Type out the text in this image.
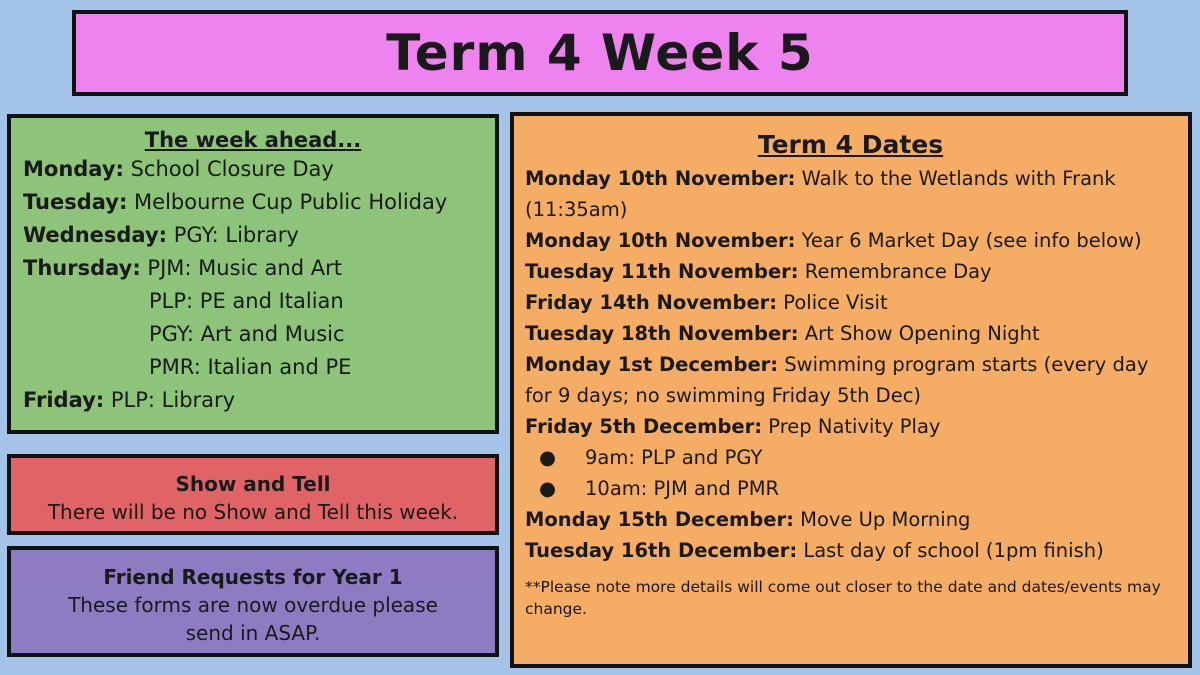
Term 4 Week 5
The week ahead...
Monday: School Closure Day
Tuesday: Melbourne Cup Public Holiday
Wednesday: PGY: Library
Thursday: PJM: Music and Art
PLP: PE and Italian
PGY: Art and Music
PMR: Italian and PE
Friday: PLP: Library
Show and Tell
There will be no Show and Tell this week.
Friend Requests for Year 1
These forms are now overdue please send in ASAP.
Term 4 Dates
Monday 10th November: Walk to the Wetlands with Frank (11:35am)
Monday 10th November: Year 6 Market Day (see info below)
Tuesday 11th November: Remembrance Day
Friday 14th November: Police Visit
Tuesday 18th November: Art Show Opening Night
Monday 1st December: Swimming program starts (every day for 9 days; no swimming Friday 5th Dec)
Friday 5th December: Prep Nativity Play
● 9am: PLP and PGY
● 10am: PJM and PMR
Monday 15th December: Move Up Morning
Tuesday 16th December: Last day of school (1pm finish)
**Please note more details will come out closer to the date and dates/events may change.
